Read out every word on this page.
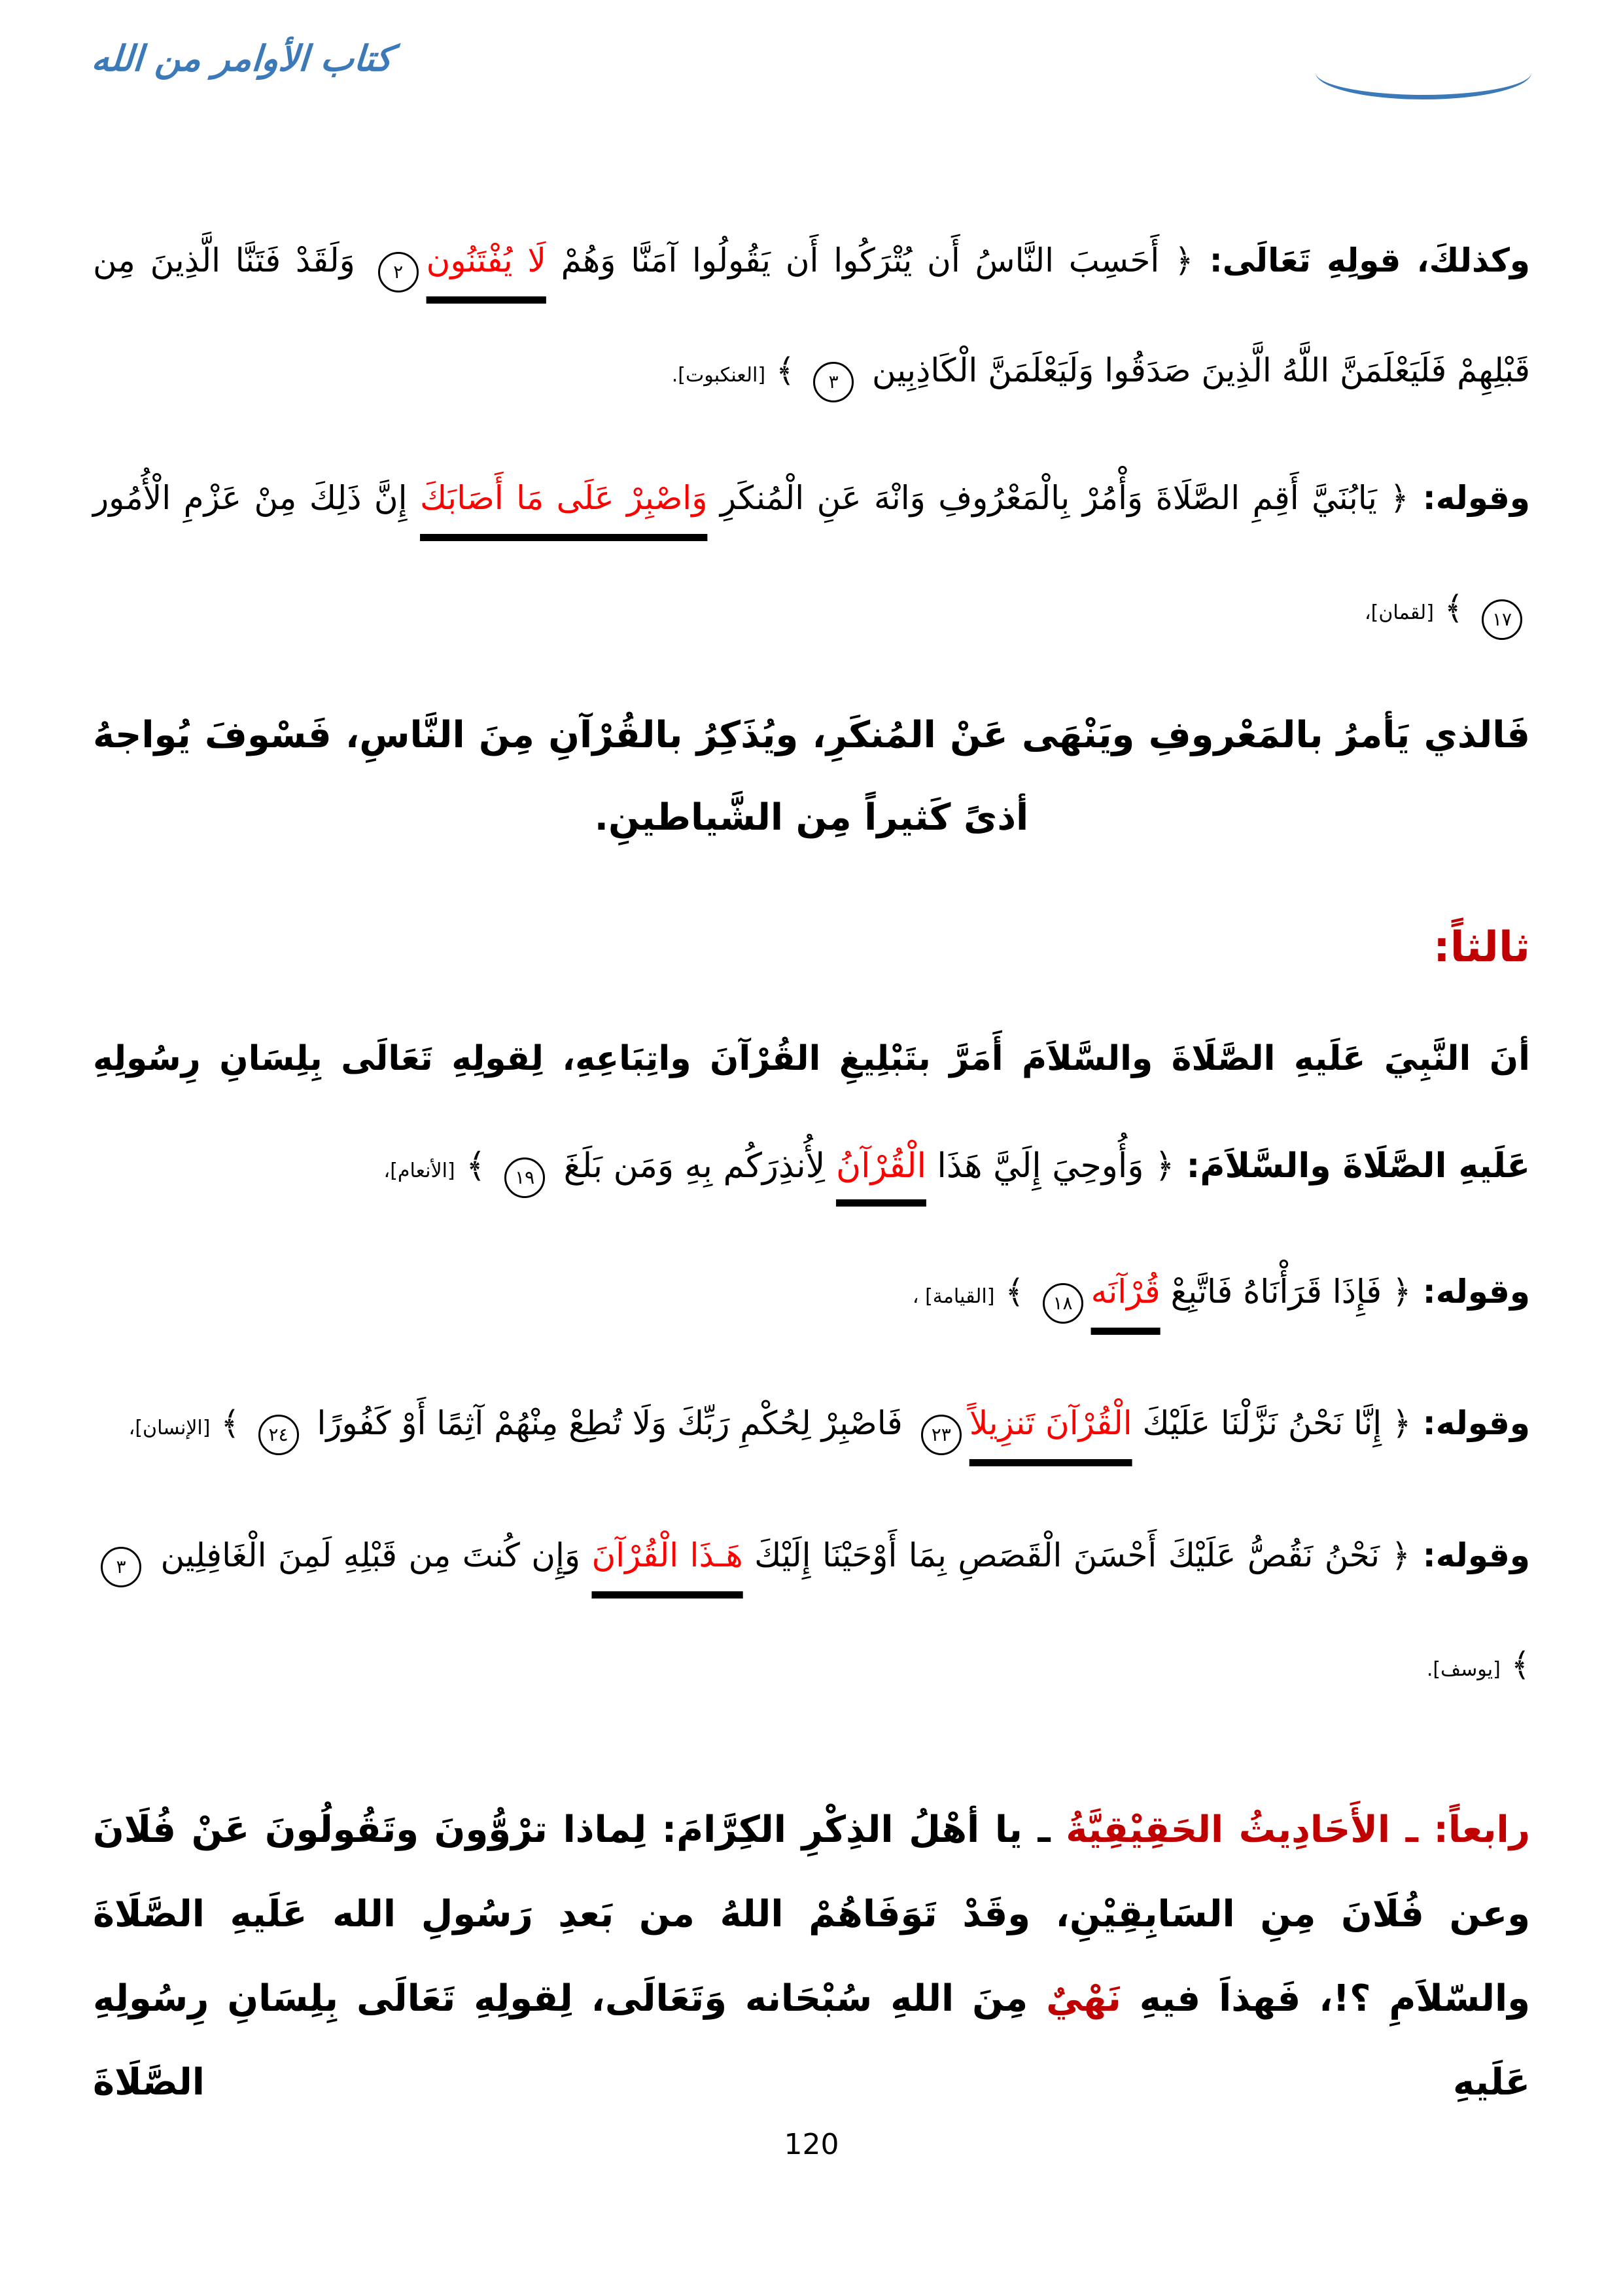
كتاب الأوامر من الله
وكذلكَ، قولِهِ تَعَالَى: ﴿ أَحَسِبَ النَّاسُ أَن يُتْرَكُوا أَن يَقُولُوا آمَنَّا وَهُمْ لَا يُفْتَنُون٢ وَلَقَدْ فَتَنَّا الَّذِينَ مِن قَبْلِهِمْ فَلَيَعْلَمَنَّ اللَّهُ الَّذِينَ صَدَقُوا وَلَيَعْلَمَنَّ الْكَاذِبِين ٣ ﴾ [العنكبوت].
وقوله: ﴿ يَابُنَيَّ أَقِمِ الصَّلَاةَ وَأْمُرْ بِالْمَعْرُوفِ وَانْهَ عَنِ الْمُنكَرِ وَاصْبِرْ عَلَى مَا أَصَابَكَ إِنَّ ذَلِكَ مِنْ عَزْمِ الْأُمُور ١٧ ﴾ [لقمان]،
فَالذي يَأمرُ بالمَعْروفِ ويَنْهَى عَنْ المُنكَرِ، ويُذَكِرُ بالقُرْآنِ مِنَ النَّاسِ، فَسْوفَ يُواجهُ أذىً كَثيراً مِن الشَّياطينِ.
ثالثاً:
أنَ النَّبِيَ عَلَيهِ الصَّلَاةَ والسَّلاَمَ أَمَرَّ بتَبْلِيغِ القُرْآنَ واتِبَاعِهِ، لِقولِهِ تَعَالَى بِلِسَانِ رِسُولِهِ عَلَيهِ الصَّلَاةَ والسَّلاَمَ: ﴿ وَأُوحِيَ إِلَيَّ هَذَا الْقُرْآنُ لِأُنذِرَكُم بِهِ وَمَن بَلَغَ ١٩ ﴾ [الأنعام]،
وقوله: ﴿ فَإِذَا قَرَأْنَاهُ فَاتَّبِعْ قُرْآنَه١٨ ﴾ [القيامة] ،
وقوله: ﴿ إِنَّا نَحْنُ نَزَّلْنَا عَلَيْكَ الْقُرْآنَ تَنزِيلاً٢٣ فَاصْبِرْ لِحُكْمِ رَبِّكَ وَلَا تُطِعْ مِنْهُمْ آثِمًا أَوْ كَفُورًا ٢٤ ﴾ [الإنسان]،
وقوله: ﴿ نَحْنُ نَقُصُّ عَلَيْكَ أَحْسَنَ الْقَصَصِ بِمَا أَوْحَيْنَا إِلَيْكَ هَـذَا الْقُرْآنَ وَإِن كُنتَ مِن قَبْلِهِ لَمِنَ الْغَافِلِين ٣ ﴾ [يوسف].
رابعاً: ـ الأَحَادِيثُ الحَقِيْقِيَّةُ ـ يا أهْلُ الذِكْرِ الكِرَّامَ: لِماذا ترْوُّونَ وتَقُولُونَ عَنْ فُلَانَ وعن فُلَانَ مِنِ السَابِقِيْنِ، وقَدْ تَوَفَاهُمْ اللهُ من بَعدِ رَسُولِ الله عَلَيهِ الصَّلَاةَ والسّلاَمِ ؟!، فَهذاَ فيهِ نَهْيٌ مِنَ اللهِ سُبْحَانه وَتَعَالَى، لِقولِهِ تَعَالَى بِلِسَانِ رِسُولِهِ عَلَيهِ الصَّلَاةَ
120
